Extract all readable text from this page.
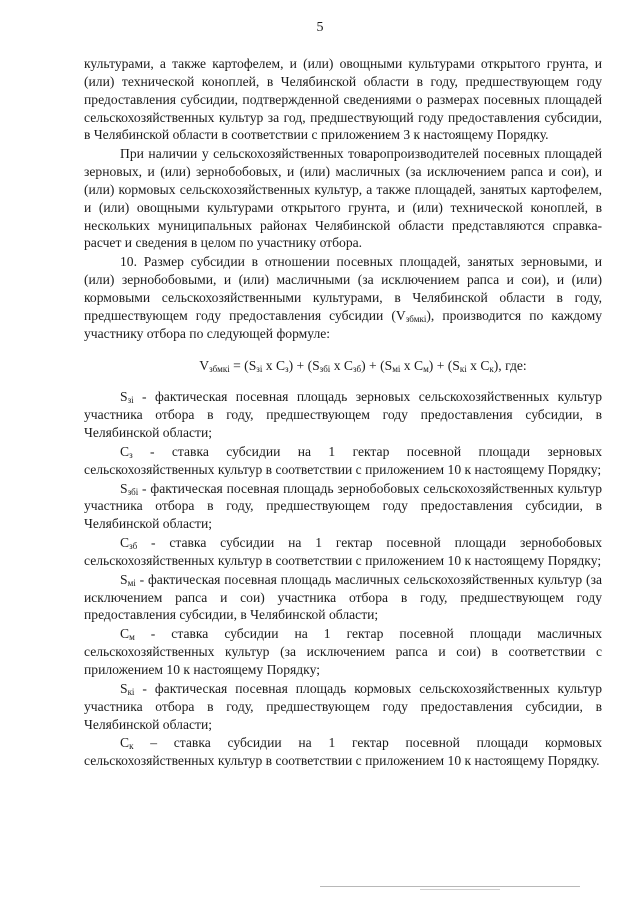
5

культурами, а также картофелем, и (или) овощными культурами открытого грунта, и (или) технической коноплей, в Челябинской области в году, предшествующем году предоставления субсидии, подтвержденной сведениями о размерах посевных площадей сельскохозяйственных культур за год, предшествующий году предоставления субсидии, в Челябинской области в соответствии с приложением 3 к настоящему Порядку.

При наличии у сельскохозяйственных товаропроизводителей посевных площадей зерновых, и (или) зернобобовых, и (или) масличных (за исключением рапса и сои), и (или) кормовых сельскохозяйственных культур, а также площадей, занятых картофелем, и (или) овощными культурами открытого грунта, и (или) технической коноплей, в нескольких муниципальных районах Челябинской области представляются справка-расчет и сведения в целом по участнику отбора.

10. Размер субсидии в отношении посевных площадей, занятых зерновыми, и (или) зернобобовыми, и (или) масличными (за исключением рапса и сои), и (или) кормовыми сельскохозяйственными культурами, в Челябинской области в году, предшествующем году предоставления субсидии $(V_{збмкі})$, производится по каждому участнику отбора по следующей формуле:

$V_{збмкі} = (S_{зі}$ x $C_з) + (S_{збі}$ x $C_{зб}) + (S_{мі}$ x $C_м) + (S_{кі}$ x $C_к$), где:

$S_{зі}$ - фактическая посевная площадь зерновых сельскохозяйственных культур участника отбора в году, предшествующем году предоставления субсидии, в Челябинской области;

$C_з$ - ставка субсидии на 1 гектар посевной площади зерновых сельскохозяйственных культур в соответствии с приложением 10 к настоящему Порядку;

$S_{збі}$ - фактическая посевная площадь зернобобовых сельскохозяйственных культур участника отбора в году, предшествующем году предоставления субсидии, в Челябинской области;

$C_{зб}$ - ставка субсидии на 1 гектар посевной площади зернобобовых сельскохозяйственных культур в соответствии с приложением 10 к настоящему Порядку;

$S_{мі}$ - фактическая посевная площадь масличных сельскохозяйственных культур (за исключением рапса и сои) участника отбора в году, предшествующем году предоставления субсидии, в Челябинской области;

$C_м$ - ставка субсидии на 1 гектар посевной площади масличных сельскохозяйственных культур (за исключением рапса и сои) в соответствии с приложением 10 к настоящему Порядку;

$S_{кі}$ - фактическая посевная площадь кормовых сельскохозяйственных культур участника отбора в году, предшествующем году предоставления субсидии, в Челябинской области;

$C_к$ – ставка субсидии на 1 гектар посевной площади кормовых сельскохозяйственных культур в соответствии с приложением 10 к настоящему Порядку.
